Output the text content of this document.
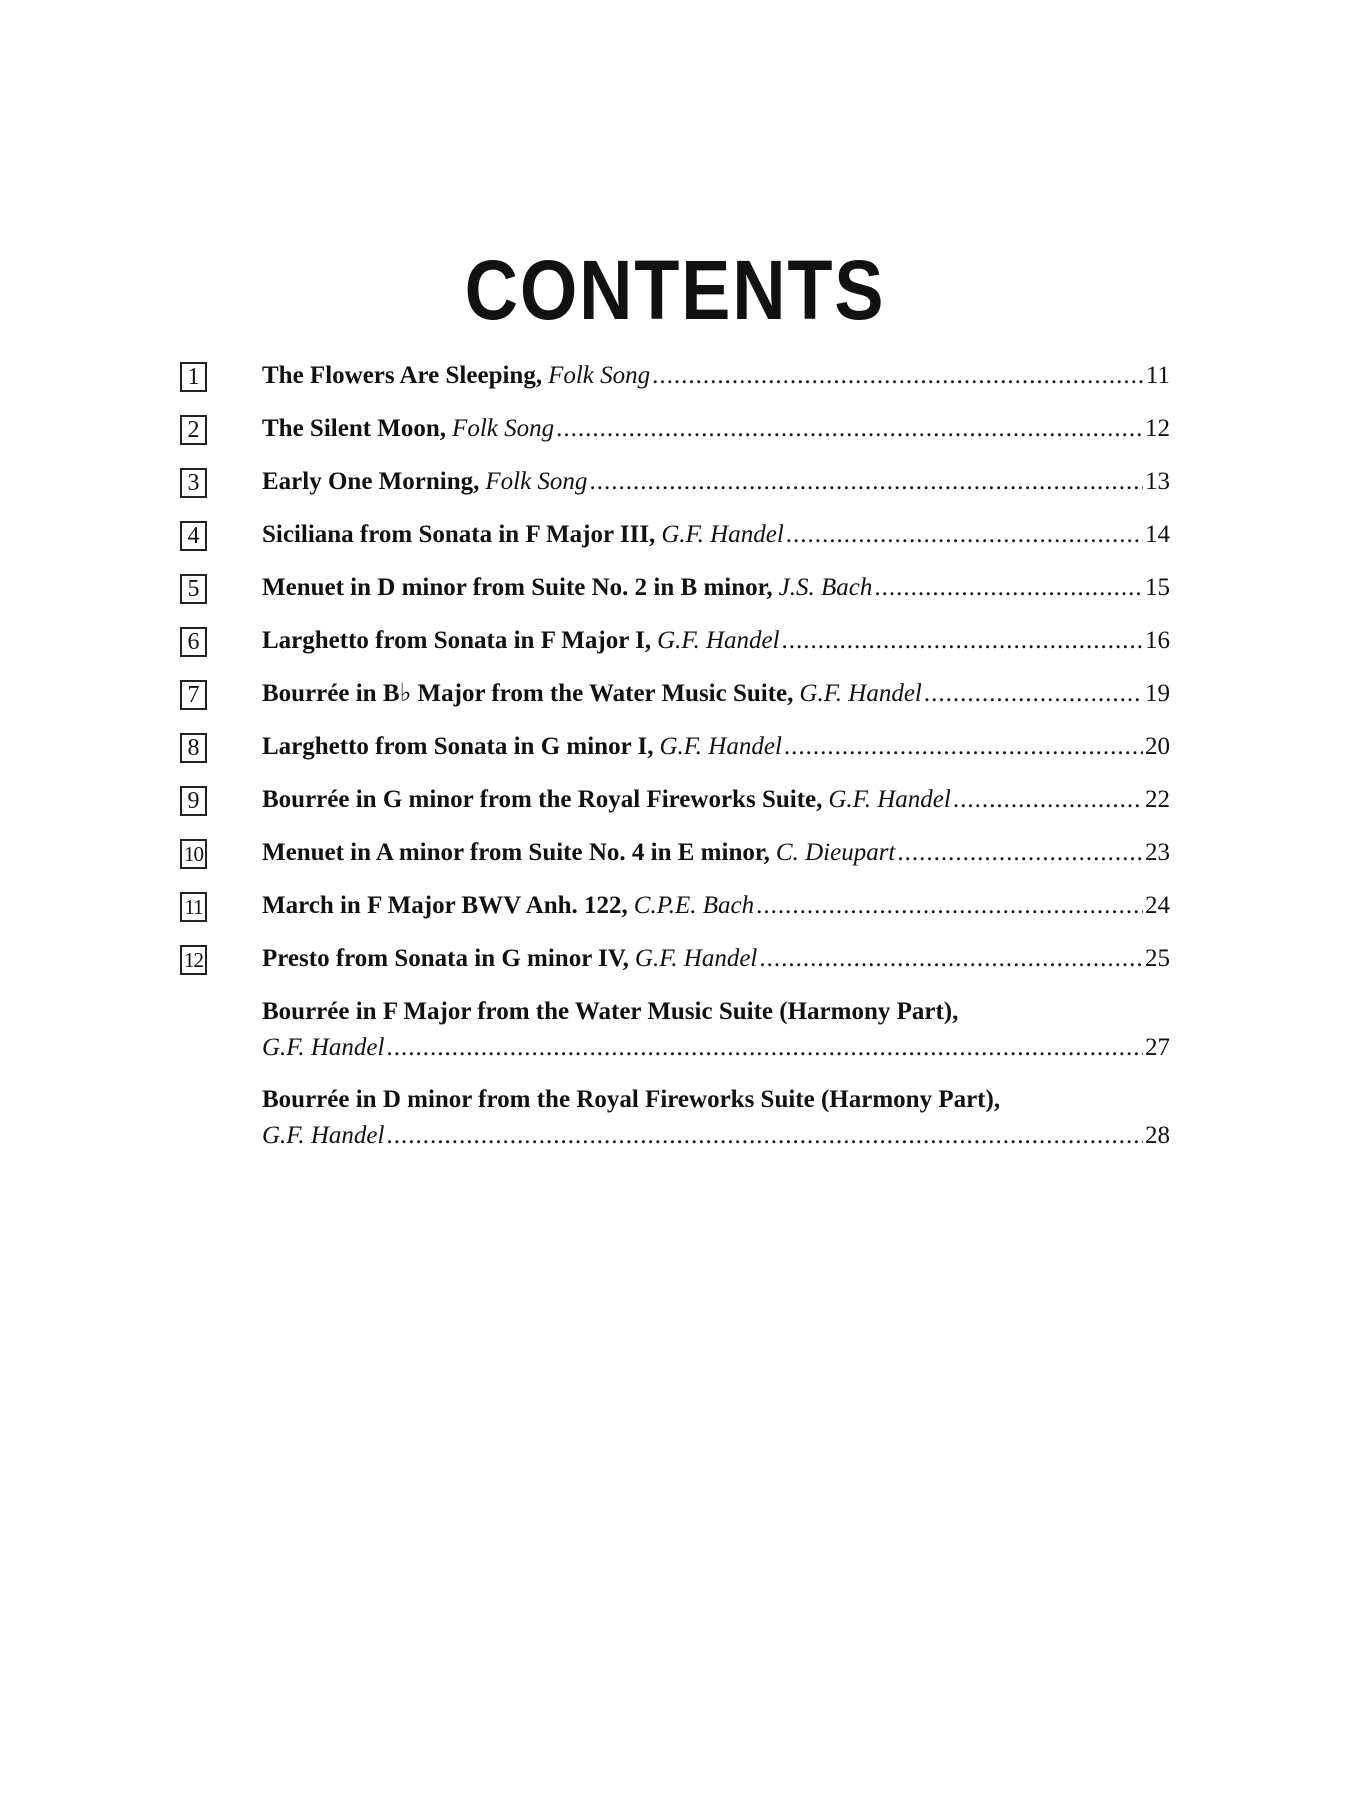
CONTENTS
1	The Flowers Are Sleeping, Folk Song .....	11
2	The Silent Moon, Folk Song .....	12
3	Early One Morning, Folk Song .....	13
4	Siciliana from Sonata in F Major III, G.F. Handel .....	14
5	Menuet in D minor from Suite No. 2 in B minor, J.S. Bach .....	15
6	Larghetto from Sonata in F Major I, G.F. Handel .....	16
7	Bourrée in B♭ Major from the Water Music Suite, G.F. Handel .....	19
8	Larghetto from Sonata in G minor I, G.F. Handel .....	20
9	Bourrée in G minor from the Royal Fireworks Suite, G.F. Handel .....	22
10 Menuet in A minor from Suite No. 4 in E minor, C. Dieupart .....	23
11 March in F Major BWV Anh. 122, C.P.E. Bach .....	24
12 Presto from Sonata in G minor IV, G.F. Handel .....	25
Bourrée in F Major from the Water Music Suite (Harmony Part),
G.F. Handel .....	27
Bourrée in D minor from the Royal Fireworks Suite (Harmony Part),
G.F. Handel .....	28
